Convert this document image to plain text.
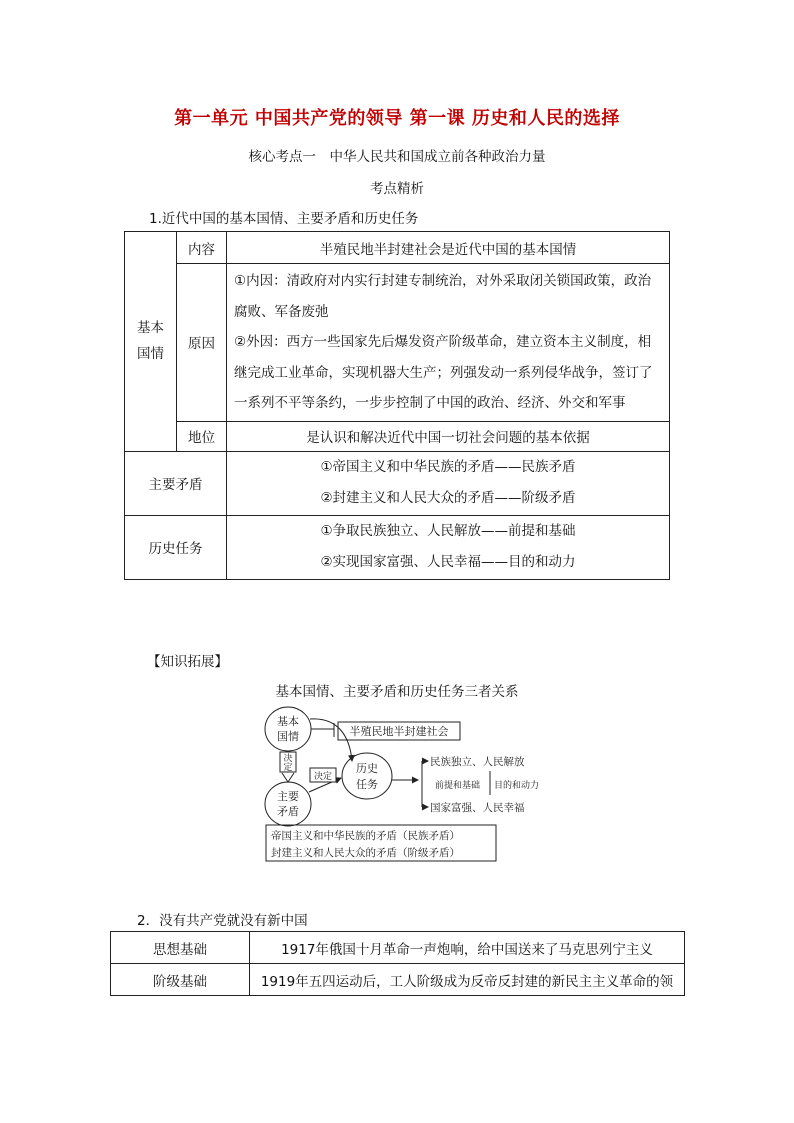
第一单元 中国共产党的领导 第一课 历史和人民的选择
核心考点一　中华人民共和国成立前各种政治力量
考点精析
1.近代中国的基本国情、主要矛盾和历史任务
基本国情	内容	半殖民地半封建社会是近代中国的基本国情
	原因	①内因：清政府对内实行封建专制统治，对外采取闭关锁国政策，政治腐败、军备废弛
②外因：西方一些国家先后爆发资产阶级革命，建立资本主义制度，相继完成工业革命，实现机器大生产；列强发动一系列侵华战争，签订了一系列不平等条约，一步步控制了中国的政治、经济、外交和军事

	地位	是认识和解决近代中国一切社会问题的基本依据
主要矛盾		①帝国主义和中华民族的矛盾——民族矛盾
②封建主义和人民大众的矛盾——阶级矛盾

历史任务		①争取民族独立、人民解放——前提和基础
②实现国家富强、人民幸福——目的和动力
【知识拓展】
基本国情、主要矛盾和历史任务三者关系
基本
国情	半殖民地半封建社会
决
定
主要
矛盾
决定
历史
任务
民族独立、人民解放
前提和基础 目的和动力
国家富强、人民幸福
帝国主义和中华民族的矛盾（民族矛盾）
封建主义和人民大众的矛盾（阶级矛盾）
2．没有共产党就没有新中国
思想基础	1917年俄国十月革命一声炮响，给中国送来了马克思列宁主义
阶级基础	1919年五四运动后，工人阶级成为反帝反封建的新民主主义革命的领
